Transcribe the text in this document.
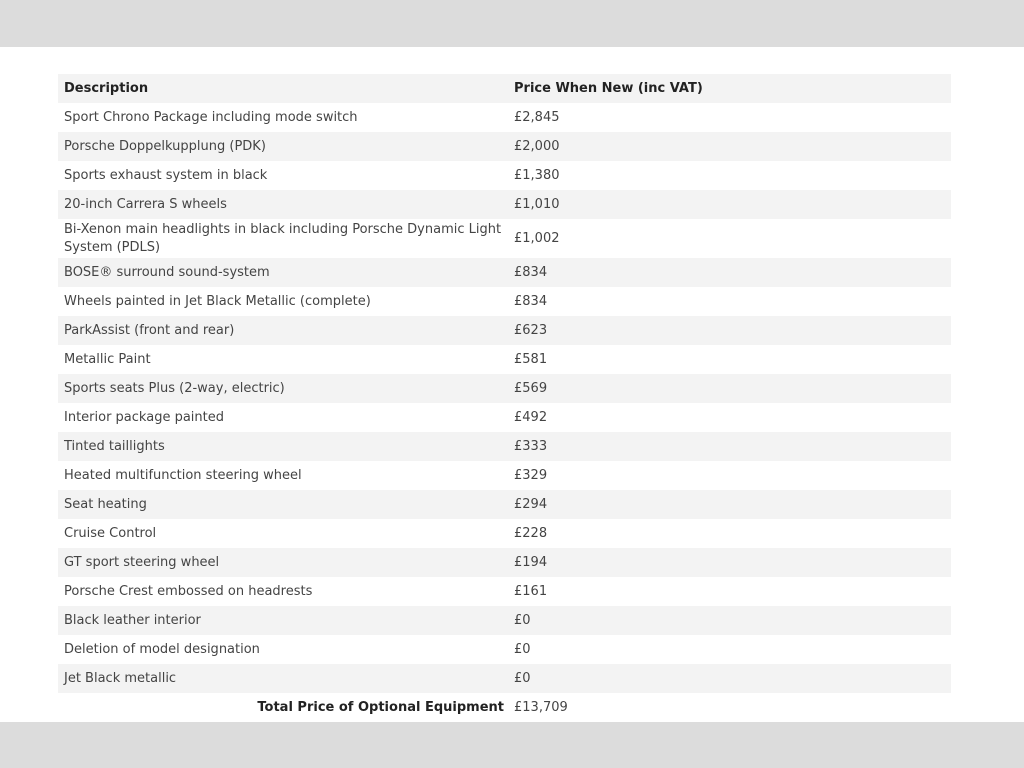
Description	Price When New (inc VAT)
Sport Chrono Package including mode switch	£2,845
Porsche Doppelkupplung (PDK)	£2,000
Sports exhaust system in black	£1,380
20-inch Carrera S wheels	£1,010
Bi-Xenon main headlights in black including Porsche Dynamic Light System (PDLS)	£1,002
BOSE® surround sound-system	£834
Wheels painted in Jet Black Metallic (complete)	£834
ParkAssist (front and rear)	£623
Metallic Paint	£581
Sports seats Plus (2-way, electric)	£569
Interior package painted	£492
Tinted taillights	£333
Heated multifunction steering wheel	£329
Seat heating	£294
Cruise Control	£228
GT sport steering wheel	£194
Porsche Crest embossed on headrests	£161
Black leather interior	£0
Deletion of model designation	£0
Jet Black metallic	£0
Total Price of Optional Equipment	£13,709
